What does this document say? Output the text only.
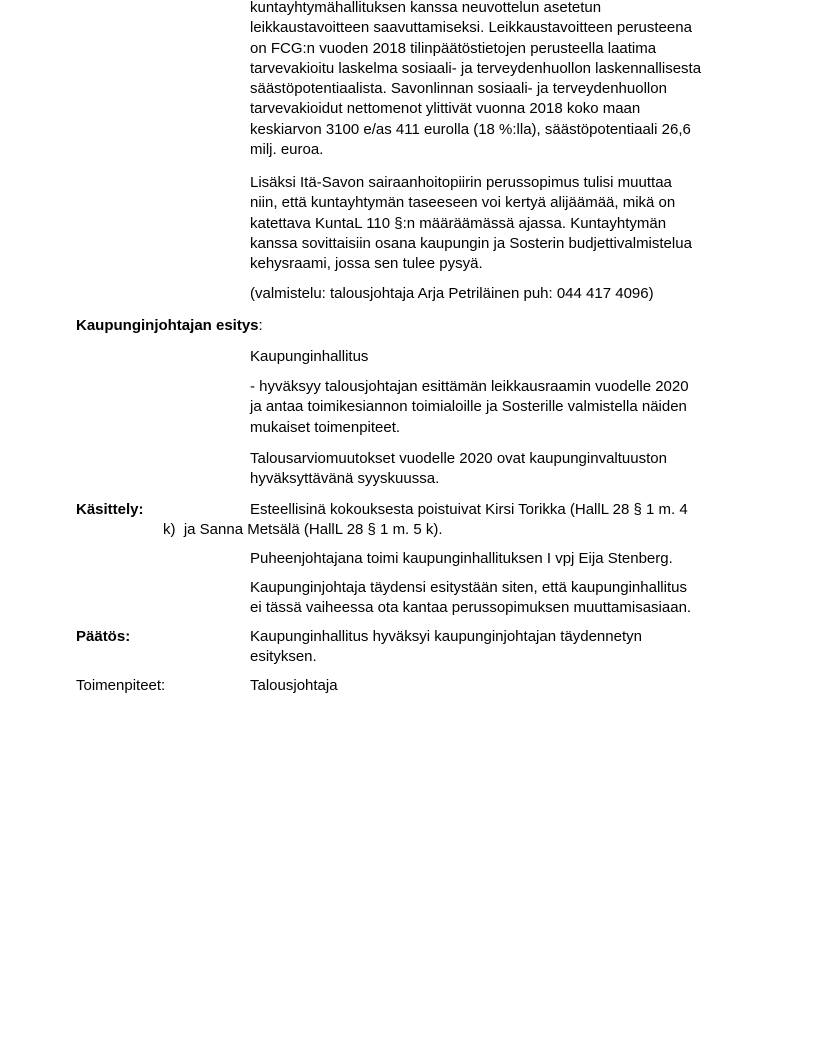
kuntayhtymähallituksen kanssa neuvottelun asetetun
leikkaustavoitteen saavuttamiseksi. Leikkaustavoitteen perusteena
on FCG:n vuoden 2018 tilinpäätöstietojen perusteella laatima
tarvevakioitu laskelma sosiaali- ja terveydenhuollon laskennallisesta
säästöpotentiaalista. Savonlinnan sosiaali- ja terveydenhuollon
tarvevakioidut nettomenot ylittivät vuonna 2018 koko maan
keskiarvon 3100 e/as 411 eurolla (18 %:lla), säästöpotentiaali 26,6
milj. euroa.
Lisäksi Itä-Savon sairaanhoitopiirin perussopimus tulisi muuttaa
niin, että kuntayhtymän taseeseen voi kertyä alijäämää, mikä on
katettava KuntaL 110 §:n määräämässä ajassa. Kuntayhtymän
kanssa sovittaisiin osana kaupungin ja Sosterin budjettivalmistelua
kehysraami, jossa sen tulee pysyä.
(valmistelu: talousjohtaja Arja Petriläinen puh: 044 417 4096)
Kaupunginjohtajan esitys:
Kaupunginhallitus
- hyväksyy talousjohtajan esittämän leikkausraamin vuodelle 2020
ja antaa toimikesiannon toimialoille ja Sosterille valmistella näiden
mukaiset toimenpiteet.
Talousarviomuutokset vuodelle 2020 ovat kaupunginvaltuuston
hyväksyttävänä syyskuussa.
Käsittely:	Esteellisinä kokouksesta poistuivat Kirsi Torikka (HallL 28 § 1 m. 4
k)  ja Sanna Metsälä (HallL 28 § 1 m. 5 k).
Puheenjohtajana toimi kaupunginhallituksen I vpj Eija Stenberg.
Kaupunginjohtaja täydensi esitystään siten, että kaupunginhallitus
ei tässä vaiheessa ota kantaa perussopimuksen muuttamisasiaan.
Päätös:	Kaupunginhallitus hyväksyi kaupunginjohtajan täydennetyn
esityksen.
Toimenpiteet:	Talousjohtaja
